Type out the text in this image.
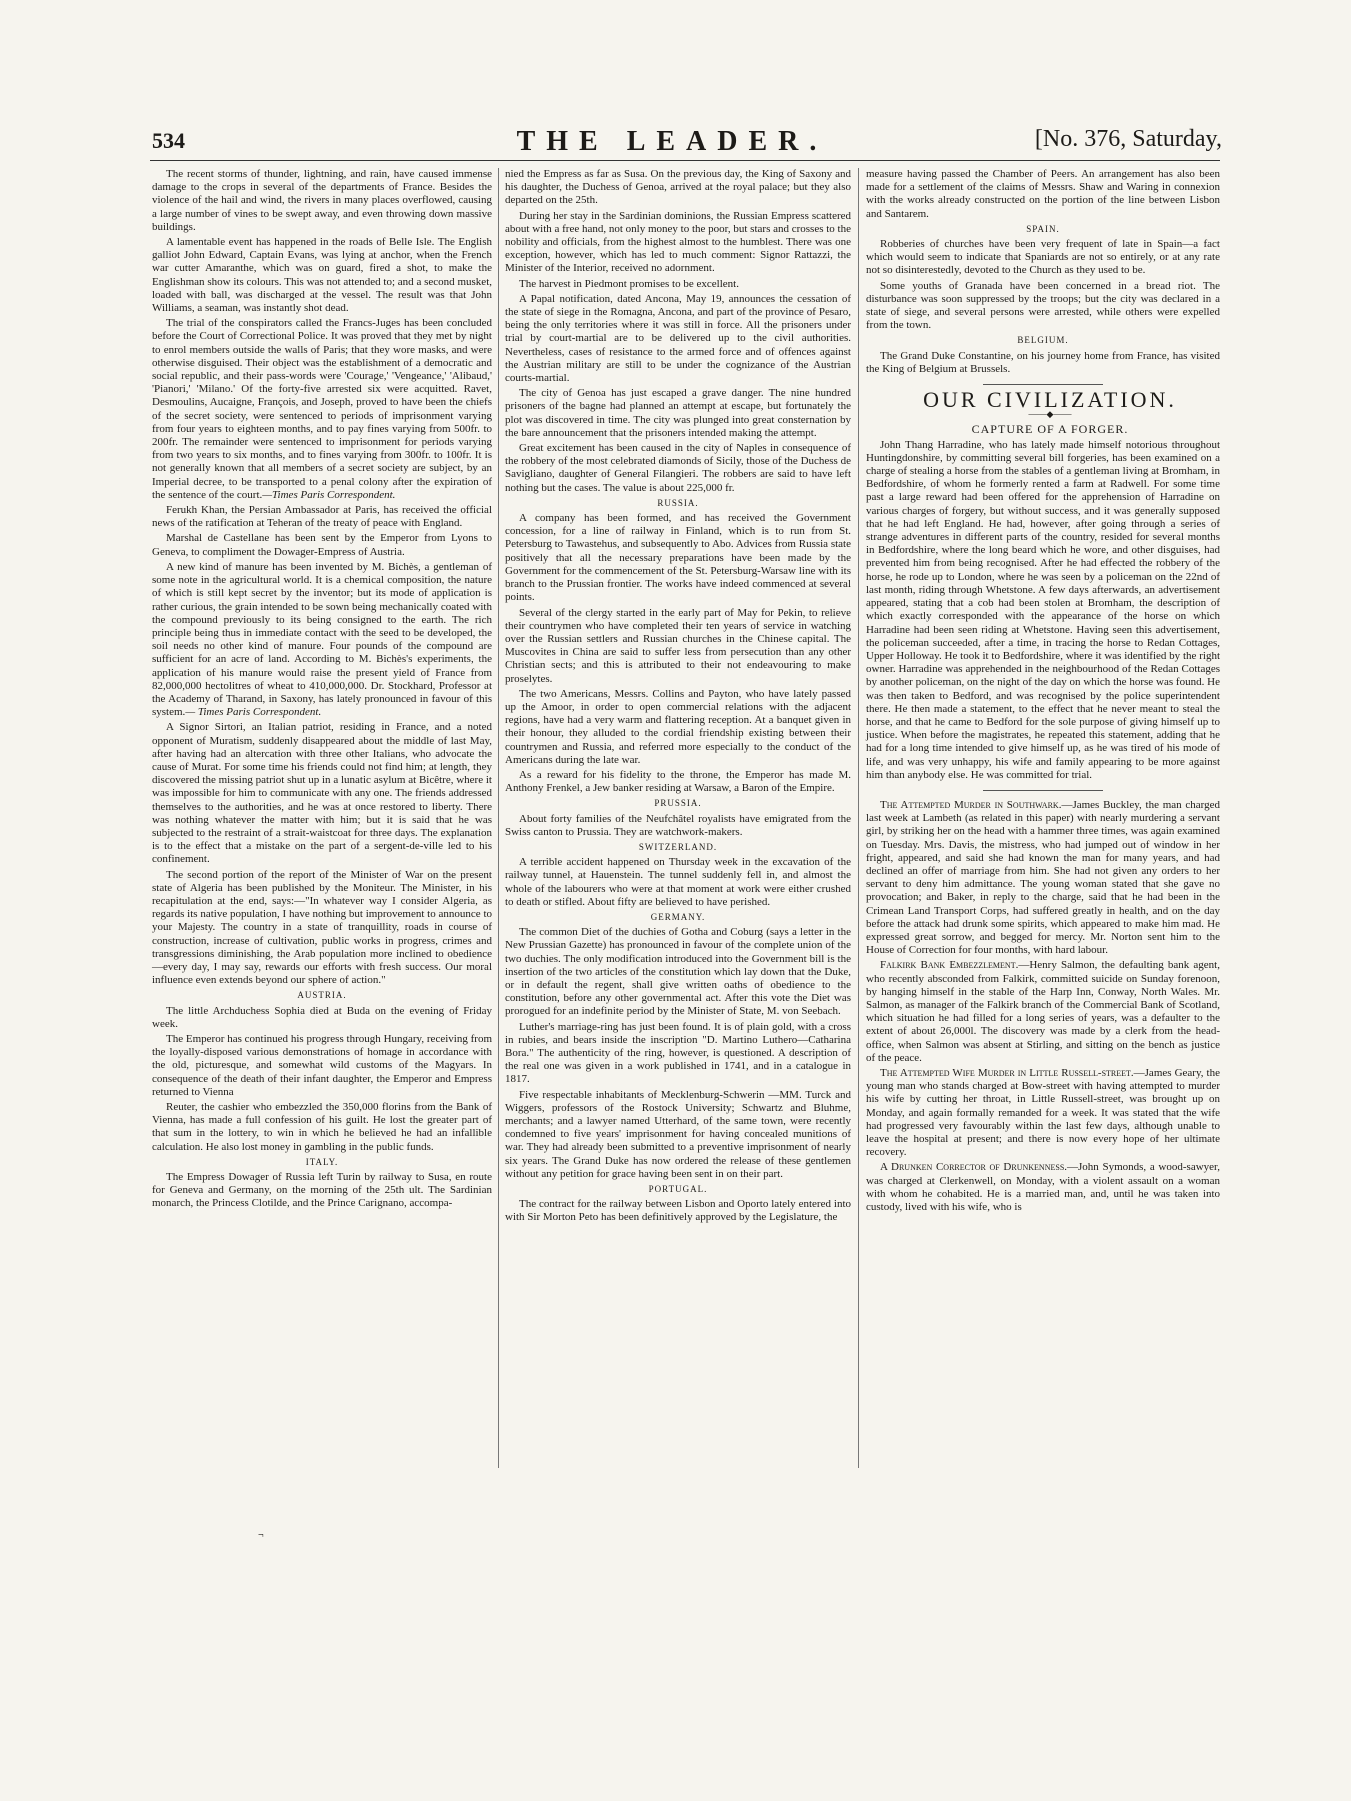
534	THE LEADER.	[No. 376, Saturday,

The recent storms of thunder, lightning, and rain, have caused immense damage to the crops in several of the departments of France. Besides the violence of the hail and wind, the rivers in many places overflowed, causing a large number of vines to be swept away, and even throwing down massive buildings.

A lamentable event has happened in the roads of Belle Isle. The English galliot John Edward, Captain Evans, was lying at anchor, when the French war cutter Amaranthe, which was on guard, fired a shot, to make the Englishman show its colours. This was not attended to; and a second musket, loaded with ball, was discharged at the vessel. The result was that John Williams, a seaman, was instantly shot dead.

The trial of the conspirators called the Francs-Juges has been concluded before the Court of Correctional Police. It was proved that they met by night to enrol members outside the walls of Paris; that they wore masks, and were otherwise disguised. Their object was the establishment of a democratic and social republic, and their pass-words were 'Courage,' 'Vengeance,' 'Alibaud,' 'Pianori,' 'Milano.' Of the forty-five arrested six were acquitted. Ravet, Desmoulins, Aucaigne, François, and Joseph, proved to have been the chiefs of the secret society, were sentenced to periods of imprisonment varying from four years to eighteen months, and to pay fines varying from 500fr. to 200fr. The remainder were sentenced to imprisonment for periods varying from two years to six months, and to fines varying from 300fr. to 100fr. It is not generally known that all members of a secret society are subject, by an Imperial decree, to be transported to a penal colony after the expiration of the sentence of the court.—Times Paris Correspondent.

Ferukh Khan, the Persian Ambassador at Paris, has received the official news of the ratification at Teheran of the treaty of peace with England.

Marshal de Castellane has been sent by the Emperor from Lyons to Geneva, to compliment the Dowager-Empress of Austria.

A new kind of manure has been invented by M. Bichès, a gentleman of some note in the agricultural world. It is a chemical composition, the nature of which is still kept secret by the inventor; but its mode of application is rather curious, the grain intended to be sown being mechanically coated with the compound previously to its being consigned to the earth. The rich principle being thus in immediate contact with the seed to be developed, the soil needs no other kind of manure. Four pounds of the compound are sufficient for an acre of land. According to M. Bichès's experiments, the application of his manure would raise the present yield of France from 82,000,000 hectolitres of wheat to 410,000,000. Dr. Stockhard, Professor at the Academy of Tharand, in Saxony, has lately pronounced in favour of this system.— Times Paris Correspondent.

A Signor Sirtori, an Italian patriot, residing in France, and a noted opponent of Muratism, suddenly disappeared about the middle of last May, after having had an altercation with three other Italians, who advocate the cause of Murat. For some time his friends could not find him; at length, they discovered the missing patriot shut up in a lunatic asylum at Bicêtre, where it was impossible for him to communicate with any one. The friends addressed themselves to the authorities, and he was at once restored to liberty. There was nothing whatever the matter with him; but it is said that he was subjected to the restraint of a strait-waistcoat for three days. The explanation is to the effect that a mistake on the part of a sergent-de-ville led to his confinement.

The second portion of the report of the Minister of War on the present state of Algeria has been published by the Moniteur. The Minister, in his recapitulation at the end, says:—"In whatever way I consider Algeria, as regards its native population, I have nothing but improvement to announce to your Majesty. The country in a state of tranquillity, roads in course of construction, increase of cultivation, public works in progress, crimes and transgressions diminishing, the Arab population more inclined to obedience—every day, I may say, rewards our efforts with fresh success. Our moral influence even extends beyond our sphere of action."

AUSTRIA.

The little Archduchess Sophia died at Buda on the evening of Friday week.

The Emperor has continued his progress through Hungary, receiving from the loyally-disposed various demonstrations of homage in accordance with the old, picturesque, and somewhat wild customs of the Magyars. In consequence of the death of their infant daughter, the Emperor and Empress returned to Vienna

Reuter, the cashier who embezzled the 350,000 florins from the Bank of Vienna, has made a full confession of his guilt. He lost the greater part of that sum in the lottery, to win in which he believed he had an infallible calculation. He also lost money in gambling in the public funds.

ITALY.

The Empress Dowager of Russia left Turin by railway to Susa, en route for Geneva and Germany, on the morning of the 25th ult. The Sardinian monarch, the Princess Clotilde, and the Prince Carignano, accompa-

nied the Empress as far as Susa. On the previous day, the King of Saxony and his daughter, the Duchess of Genoa, arrived at the royal palace; but they also departed on the 25th.

During her stay in the Sardinian dominions, the Russian Empress scattered about with a free hand, not only money to the poor, but stars and crosses to the nobility and officials, from the highest almost to the humblest. There was one exception, however, which has led to much comment: Signor Rattazzi, the Minister of the Interior, received no adornment.

The harvest in Piedmont promises to be excellent.

A Papal notification, dated Ancona, May 19, announces the cessation of the state of siege in the Romagna, Ancona, and part of the province of Pesaro, being the only territories where it was still in force. All the prisoners under trial by court-martial are to be delivered up to the civil authorities. Nevertheless, cases of resistance to the armed force and of offences against the Austrian military are still to be under the cognizance of the Austrian courts-martial.

The city of Genoa has just escaped a grave danger. The nine hundred prisoners of the bagne had planned an attempt at escape, but fortunately the plot was discovered in time. The city was plunged into great consternation by the bare announcement that the prisoners intended making the attempt.

Great excitement has been caused in the city of Naples in consequence of the robbery of the most celebrated diamonds of Sicily, those of the Duchess de Savigliano, daughter of General Filangieri. The robbers are said to have left nothing but the cases. The value is about 225,000 fr.

RUSSIA.

A company has been formed, and has received the Government concession, for a line of railway in Finland, which is to run from St. Petersburg to Tawastehus, and subsequently to Abo. Advices from Russia state positively that all the necessary preparations have been made by the Government for the commencement of the St. Petersburg-Warsaw line with its branch to the Prussian frontier. The works have indeed commenced at several points.

Several of the clergy started in the early part of May for Pekin, to relieve their countrymen who have completed their ten years of service in watching over the Russian settlers and Russian churches in the Chinese capital. The Muscovites in China are said to suffer less from persecution than any other Christian sects; and this is attributed to their not endeavouring to make proselytes.

The two Americans, Messrs. Collins and Payton, who have lately passed up the Amoor, in order to open commercial relations with the adjacent regions, have had a very warm and flattering reception. At a banquet given in their honour, they alluded to the cordial friendship existing between their countrymen and Russia, and referred more especially to the conduct of the Americans during the late war.

As a reward for his fidelity to the throne, the Emperor has made M. Anthony Frenkel, a Jew banker residing at Warsaw, a Baron of the Empire.

PRUSSIA.

About forty families of the Neufchâtel royalists have emigrated from the Swiss canton to Prussia. They are watchwork-makers.

SWITZERLAND.

A terrible accident happened on Thursday week in the excavation of the railway tunnel, at Hauenstein. The tunnel suddenly fell in, and almost the whole of the labourers who were at that moment at work were either crushed to death or stifled. About fifty are believed to have perished.

GERMANY.

The common Diet of the duchies of Gotha and Coburg (says a letter in the New Prussian Gazette) has pronounced in favour of the complete union of the two duchies. The only modification introduced into the Government bill is the insertion of the two articles of the constitution which lay down that the Duke, or in default the regent, shall give written oaths of obedience to the constitution, before any other governmental act. After this vote the Diet was prorogued for an indefinite period by the Minister of State, M. von Seebach.

Luther's marriage-ring has just been found. It is of plain gold, with a cross in rubies, and bears inside the inscription "D. Martino Luthero—Catharina Bora." The authenticity of the ring, however, is questioned. A description of the real one was given in a work published in 1741, and in a catalogue in 1817.

Five respectable inhabitants of Mecklenburg-Schwerin —MM. Turck and Wiggers, professors of the Rostock University; Schwartz and Bluhme, merchants; and a lawyer named Utterhard, of the same town, were recently condemned to five years' imprisonment for having concealed munitions of war. They had already been submitted to a preventive imprisonment of nearly six years. The Grand Duke has now ordered the release of these gentlemen without any petition for grace having been sent in on their part.

PORTUGAL.

The contract for the railway between Lisbon and Oporto lately entered into with Sir Morton Peto has been definitively approved by the Legislature, the

measure having passed the Chamber of Peers. An arrangement has also been made for a settlement of the claims of Messrs. Shaw and Waring in connexion with the works already constructed on the portion of the line between Lisbon and Santarem.

SPAIN.

Robberies of churches have been very frequent of late in Spain—a fact which would seem to indicate that Spaniards are not so entirely, or at any rate not so disinterestedly, devoted to the Church as they used to be.

Some youths of Granada have been concerned in a bread riot. The disturbance was soon suppressed by the troops; but the city was declared in a state of siege, and several persons were arrested, while others were expelled from the town.

BELGIUM.

The Grand Duke Constantine, on his journey home from France, has visited the King of Belgium at Brussels.

OUR CIVILIZATION.

——◆——

CAPTURE OF A FORGER.

John Thang Harradine, who has lately made himself notorious throughout Huntingdonshire, by committing several bill forgeries, has been examined on a charge of stealing a horse from the stables of a gentleman living at Bromham, in Bedfordshire, of whom he formerly rented a farm at Radwell. For some time past a large reward had been offered for the apprehension of Harradine on various charges of forgery, but without success, and it was generally supposed that he had left England. He had, however, after going through a series of strange adventures in different parts of the country, resided for several months in Bedfordshire, where the long beard which he wore, and other disguises, had prevented him from being recognised. After he had effected the robbery of the horse, he rode up to London, where he was seen by a policeman on the 22nd of last month, riding through Whetstone. A few days afterwards, an advertisement appeared, stating that a cob had been stolen at Bromham, the description of which exactly corresponded with the appearance of the horse on which Harradine had been seen riding at Whetstone. Having seen this advertisement, the policeman succeeded, after a time, in tracing the horse to Redan Cottages, Upper Holloway. He took it to Bedfordshire, where it was identified by the right owner. Harradine was apprehended in the neighbourhood of the Redan Cottages by another policeman, on the night of the day on which the horse was found. He was then taken to Bedford, and was recognised by the police superintendent there. He then made a statement, to the effect that he never meant to steal the horse, and that he came to Bedford for the sole purpose of giving himself up to justice. When before the magistrates, he repeated this statement, adding that he had for a long time intended to give himself up, as he was tired of his mode of life, and was very unhappy, his wife and family appearing to be more against him than anybody else. He was committed for trial.

The Attempted Murder in Southwark.—James Buckley, the man charged last week at Lambeth (as related in this paper) with nearly murdering a servant girl, by striking her on the head with a hammer three times, was again examined on Tuesday. Mrs. Davis, the mistress, who had jumped out of window in her fright, appeared, and said she had known the man for many years, and had declined an offer of marriage from him. She had not given any orders to her servant to deny him admittance. The young woman stated that she gave no provocation; and Baker, in reply to the charge, said that he had been in the Crimean Land Transport Corps, had suffered greatly in health, and on the day before the attack had drunk some spirits, which appeared to make him mad. He expressed great sorrow, and begged for mercy. Mr. Norton sent him to the House of Correction for four months, with hard labour.

Falkirk Bank Embezzlement.—Henry Salmon, the defaulting bank agent, who recently absconded from Falkirk, committed suicide on Sunday forenoon, by hanging himself in the stable of the Harp Inn, Conway, North Wales. Mr. Salmon, as manager of the Falkirk branch of the Commercial Bank of Scotland, which situation he had filled for a long series of years, was a defaulter to the extent of about 26,000l. The discovery was made by a clerk from the head-office, when Salmon was absent at Stirling, and sitting on the bench as justice of the peace.

The Attempted Wife Murder in Little Russell-street.—James Geary, the young man who stands charged at Bow-street with having attempted to murder his wife by cutting her throat, in Little Russell-street, was brought up on Monday, and again formally remanded for a week. It was stated that the wife had progressed very favourably within the last few days, although unable to leave the hospital at present; and there is now every hope of her ultimate recovery.

A Drunken Corrector of Drunkenness.—John Symonds, a wood-sawyer, was charged at Clerkenwell, on Monday, with a violent assault on a woman with whom he cohabited. He is a married man, and, until he was taken into custody, lived with his wife, who is

¬
